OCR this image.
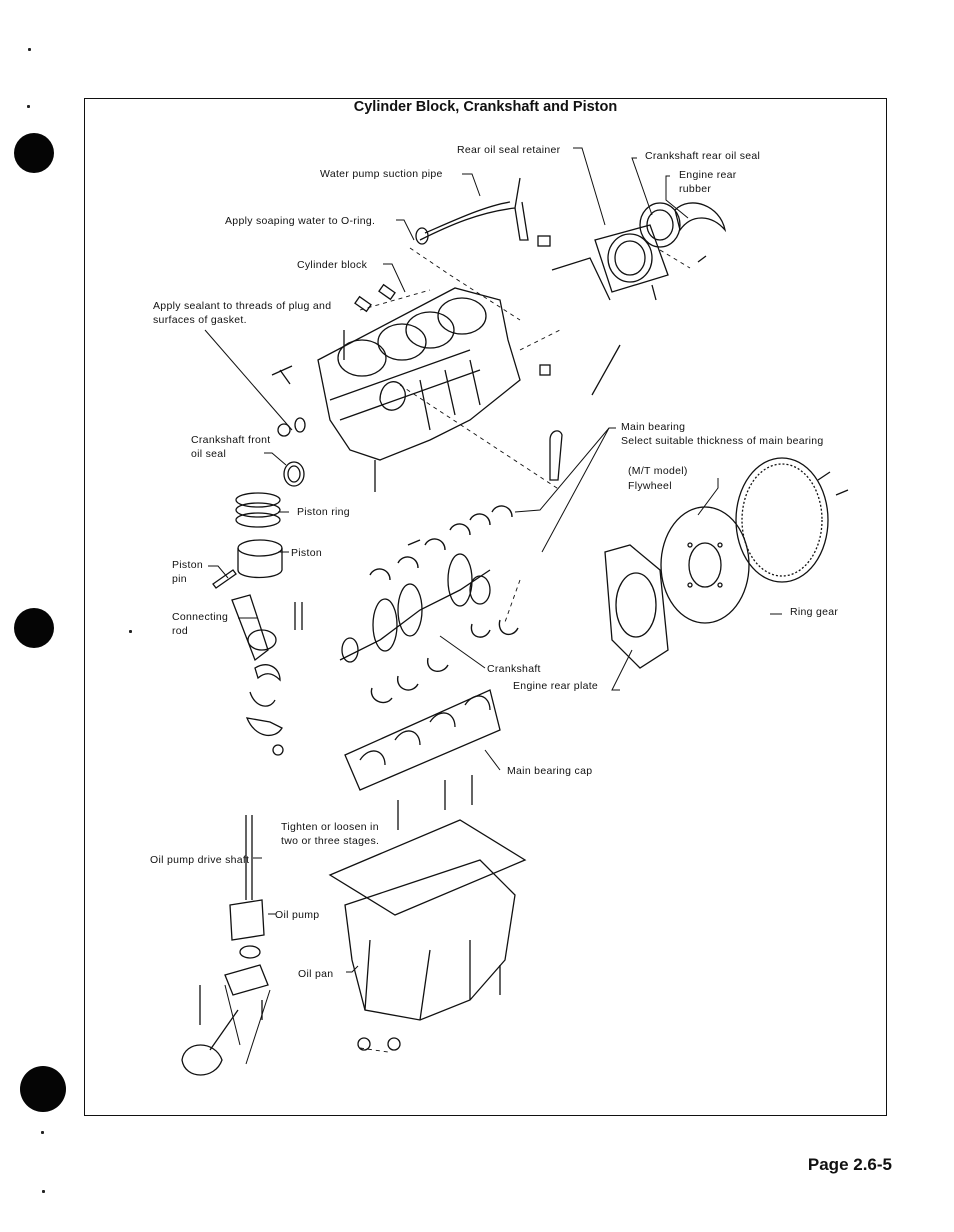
Cylinder Block, Crankshaft and Piston
Rear oil seal retainer	Crankshaft rear oil seal
Engine rear rubber
Water pump suction pipe
Apply soaping water to O-ring.
Cylinder block
Apply sealant to threads of plug and surfaces of gasket.
Crankshaft front oil seal
Main bearing
Select suitable thickness of main bearing
(M/T model)
Flywheel
Piston ring
Piston
Piston pin
Connecting rod
Ring gear
Crankshaft
Engine rear plate
Main bearing cap
Tighten or loosen in two or three stages.
Oil pump drive shaft
Oil pump
Oil pan
Page 2.6-5
